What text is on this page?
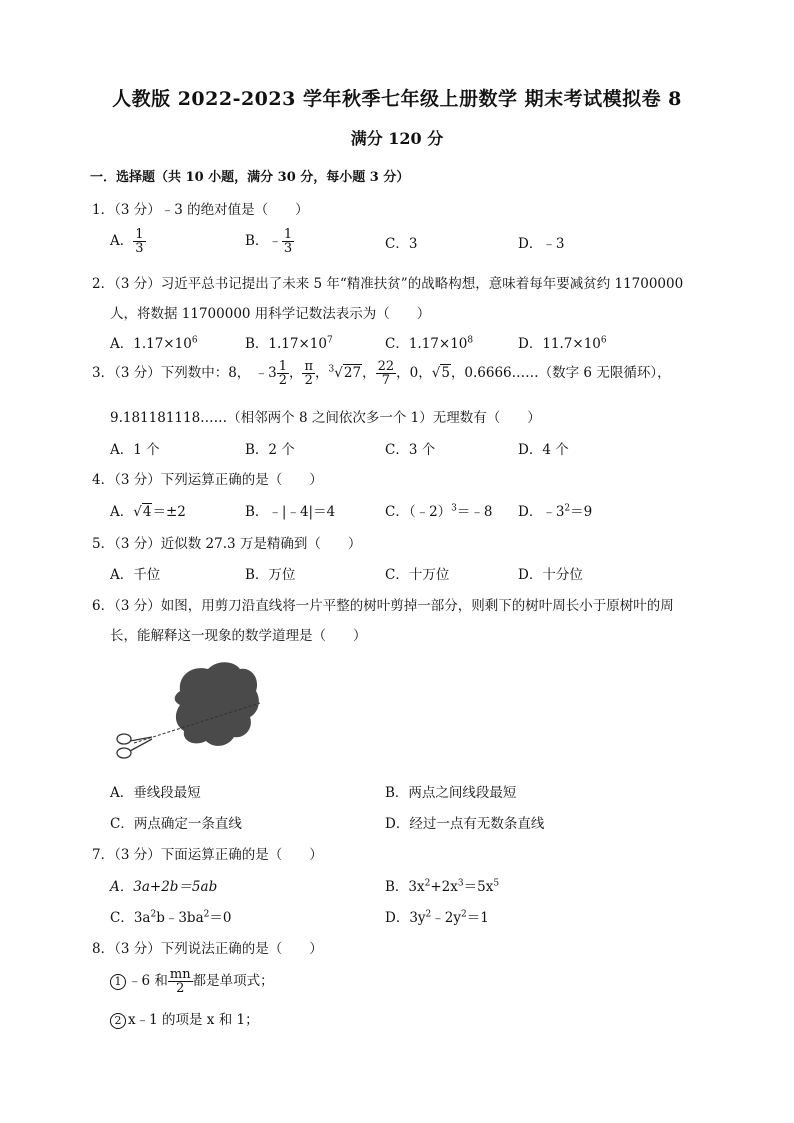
人教版 2022-2023 学年秋季七年级上册数学 期末考试模拟卷 8
满分 120 分
一．选择题（共 10 小题，满分 30 分，每小题 3 分）
1．（3 分）﹣3 的绝对值是（　　）
A． $\frac{1}{3}$	B．﹣ $\frac{1}{3}$	C．3	D．﹣3
2．（3 分）习近平总书记提出了未来 5 年“精准扶贫”的战略构想，意味着每年要减贫约 11700000
人，将数据 11700000 用科学记数法表示为（　　）
A．$1.17\times 10^6$	B．$1.17\times 10^7$	C．$1.17\times 10^8$	D．$11.7\times 10^6$
3．（3 分）下列数中：8， ﹣3 $\frac{1}{2}$ ， $\frac{\pi}{2}$ ，$^3$√27， $\frac{22}{7}$ ，0，√5，0.6666……（数字 6 无限循环），
9.181181118……（相邻两个 8 之间依次多一个 1）无理数有（　　）
A．1 个	B．2 个	C．3 个	D．4 个
4．（3 分）下列运算正确的是（　　）
A．√4＝±2	B．﹣|﹣4|＝4	C．（﹣2）$^3$＝﹣8 D．$﹣3^2=9$
5．（3 分）近似数 27.3 万是精确到（　　）
A．千位	B．万位	C．十万位	D．十分位
6．（3 分）如图，用剪刀沿直线将一片平整的树叶剪掉一部分，则剩下的树叶周长小于原树叶的周
长，能解释这一现象的数学道理是（　　）
A．垂线段最短	B．两点之间线段最短
C．两点确定一条直线	D．经过一点有无数条直线
7．（3 分）下面运算正确的是（　　）
A．3a+2b＝5ab	B．$3x^2+2x^3=5x^5$
C．$3a^2b﹣3ba^2=0$	D．$3y^2﹣2y^2=1$
8．（3 分）下列说法正确的是（　　）
1 ﹣6 和 $\frac{mn}{2}$ 都是单项式；
2 x﹣1 的项是 x 和 1；
